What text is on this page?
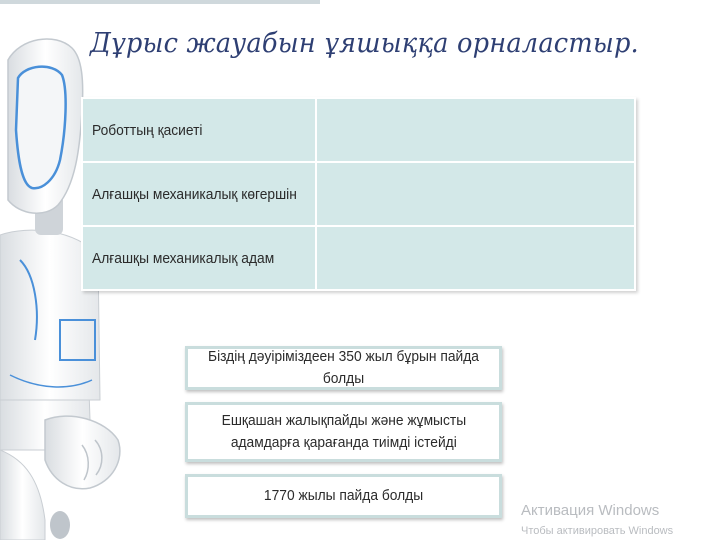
Дұрыс жауабын ұяшыққа орналастыр.
Роботтың қасиеті	
Алғашқы механикалық көгершін	
Алғашқы механикалық адам	
Біздің дәуіріміздеен 350 жыл бұрын пайда болды
Ешқашан жалықпайды және жұмысты
адамдарға қарағанда тиімді істейді
1770 жылы пайда болды
Активация Windows
Чтобы активировать Windows
